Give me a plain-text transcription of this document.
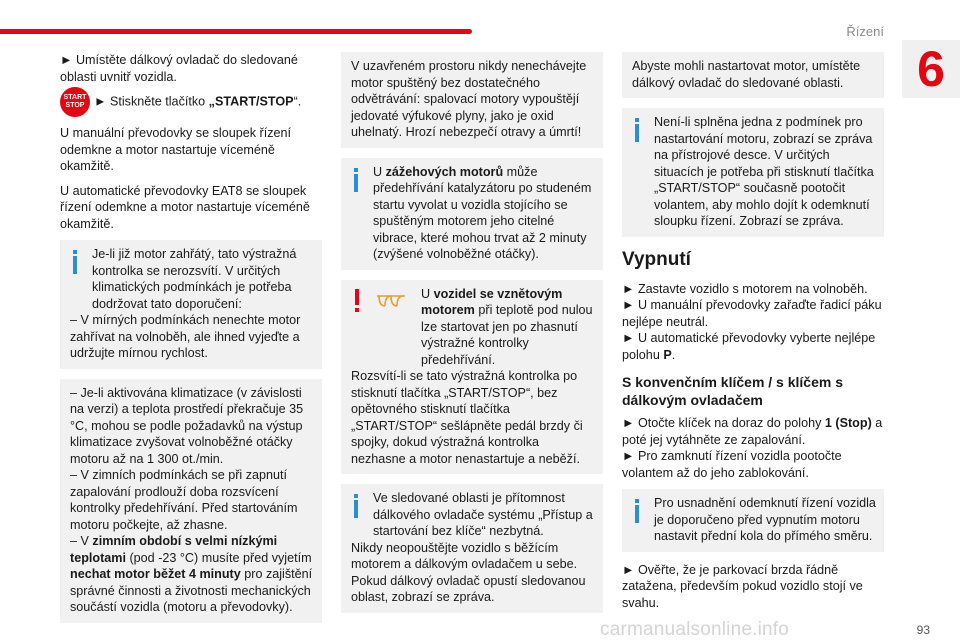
Řízení
6

► Umístěte dálkový ovladač do sledované oblasti uvnitř vozidla.

START
STOP ► Stiskněte tlačítko „START/STOP“.

U manuální převodovky se sloupek řízení odemkne a motor nastartuje víceméně okamžitě.

U automatické převodovky EAT8 se sloupek řízení odemkne a motor nastartuje víceméně okamžitě.

Je-li již motor zahřátý, tato výstražná kontrolka se nerozsvítí. V určitých klimatických podmínkách je potřeba dodržovat tato doporučení:

– V mírných podmínkách nenechte motor zahřívat na volnoběh, ale ihned vyjeďte a udržujte mírnou rychlost.

– Je-li aktivována klimatizace (v závislosti na verzi) a teplota prostředí překračuje 35 °C, mohou se podle požadavků na výstup klimatizace zvyšovat volnoběžné otáčky motoru až na 1 300 ot./min.

– V zimních podmínkách se při zapnutí zapalování prodlouží doba rozsvícení kontrolky předehřívání. Před startováním motoru počkejte, až zhasne.

– V zimním období s velmi nízkými teplotami (pod -23 °C) musíte před vyjetím nechat motor běžet 4 minuty pro zajištění správné činnosti a životnosti mechanických součástí vozidla (motoru a převodovky).

V uzavřeném prostoru nikdy nenechávejte motor spuštěný bez dostatečného odvětrávání: spalovací motory vypouštějí jedovaté výfukové plyny, jako je oxid uhelnatý. Hrozí nebezpečí otravy a úmrtí!

U zážehových motorů může předehřívání katalyzátoru po studeném startu vyvolat u vozidla stojícího se spuštěným motorem jeho citelné vibrace, které mohou trvat až 2 minuty (zvýšené volnoběžné otáčky).

U vozidel se vznětovým motorem při teplotě pod nulou lze startovat jen po zhasnutí výstražné kontrolky předehřívání.

Rozsvítí-li se tato výstražná kontrolka po stisknutí tlačítka „START/STOP“, bez opětovného stisknutí tlačítka „START/STOP“ sešlápněte pedál brzdy či spojky, dokud výstražná kontrolka nezhasne a motor nenastartuje a neběží.

Ve sledované oblasti je přítomnost dálkového ovladače systému „Přístup a startování bez klíče“ nezbytná.

Nikdy neopouštějte vozidlo s běžícím motorem a dálkovým ovladačem u sebe.

Pokud dálkový ovladač opustí sledovanou oblast, zobrazí se zpráva.

Abyste mohli nastartovat motor, umístěte dálkový ovladač do sledované oblasti.

Není-li splněna jedna z podmínek pro nastartování motoru, zobrazí se zpráva na přístrojové desce. V určitých situacích je potřeba při stisknutí tlačítka „START/STOP“ současně pootočit volantem, aby mohlo dojít k odemknutí sloupku řízení. Zobrazí se zpráva.

Vypnutí

► Zastavte vozidlo s motorem na volnoběh.

► U manuální převodovky zařaďte řadicí páku nejlépe neutrál.

► U automatické převodovky vyberte nejlépe polohu P.

S konvenčním klíčem / s klíčem s dálkovým ovladačem

► Otočte klíček na doraz do polohy 1 (Stop) a poté jej vytáhněte ze zapalování.

► Pro zamknutí řízení vozidla pootočte volantem až do jeho zablokování.

Pro usnadnění odemknutí řízení vozidla je doporučeno před vypnutím motoru nastavit přední kola do přímého směru.

► Ověřte, že je parkovací brzda řádně zatažena, především pokud vozidlo stojí ve svahu.

carmanualsonline.info	93
